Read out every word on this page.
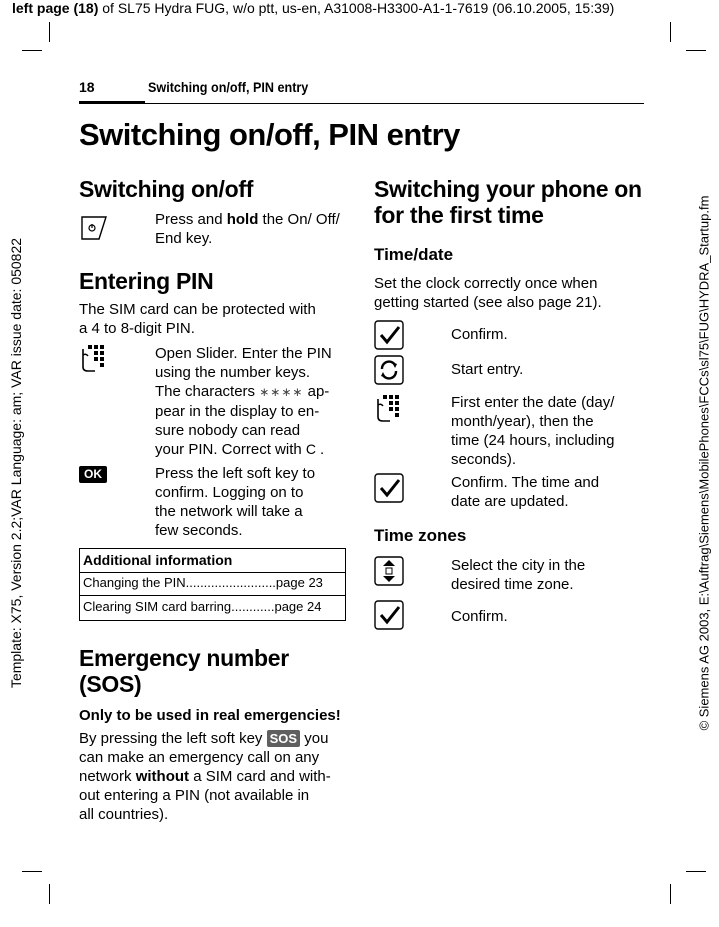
left page (18) of SL75 Hydra FUG, w/o ptt, us-en, A31008-H3300-A1-1-7619 (06.10.2005, 15:39)
Template: X75, Version 2.2;VAR Language: am; VAR issue date: 050822	© Siemens AG 2003, E:\Auftrag\Siemens\MobilePhones\FCCs\sl75\FUG\HYDRA_Startup.fm
18	Switching on/off, PIN entry
Switching on/off, PIN entry
Switching on/off
Press and hold the On/ Off/
End key.
Entering PIN
The SIM card can be protected with
a 4 to 8-digit PIN.
Open Slider. Enter the PIN
using the number keys.
The characters ∗∗∗∗ ap-
pear in the display to en-
sure nobody can read
your PIN. Correct with C .
OK	Press the left soft key to
confirm. Logging on to
the network will take a
few seconds.
Additional information
Changing the PIN.........................page 23
Clearing SIM card barring............page 24
Emergency number
(SOS)
Only to be used in real emergencies!
By pressing the left soft key SOS you
can make an emergency call on any
network without a SIM card and with-
out entering a PIN (not available in
all countries).
Switching your phone on
for the first time
Time/date
Set the clock correctly once when
getting started (see also page 21).
Confirm.
Start entry.
First enter the date (day/
month/year), then the
time (24 hours, including
seconds).
Confirm. The time and
date are updated.
Time zones
Select the city in the
desired time zone.
Confirm.
